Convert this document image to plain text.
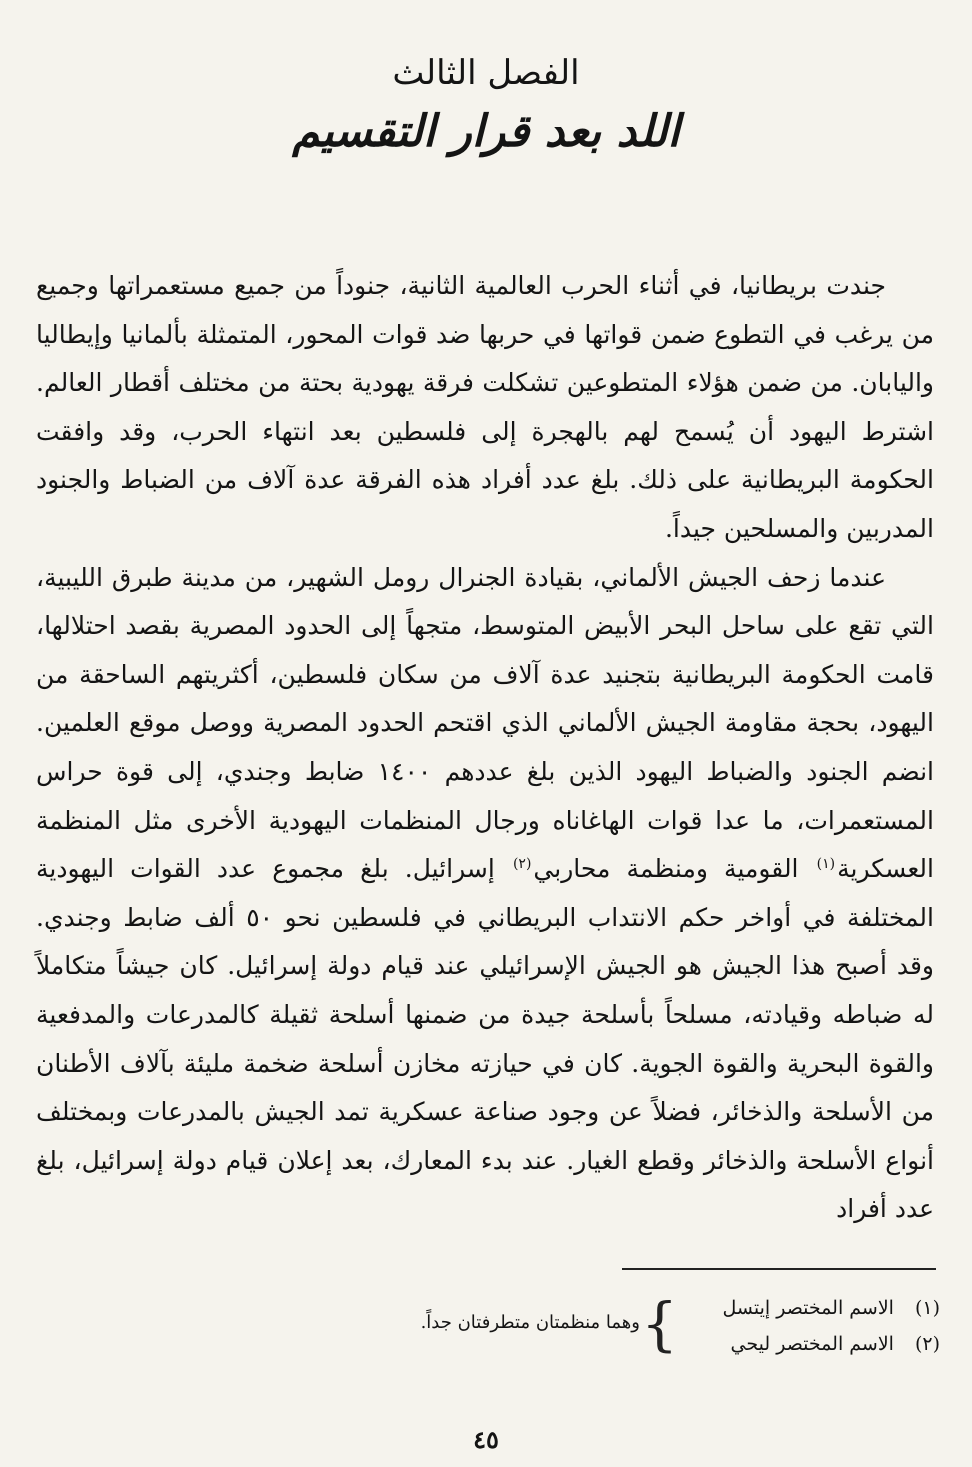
الفصل الثالث
اللد بعد قرار التقسيم

جندت بريطانيا، في أثناء الحرب العالمية الثانية، جنوداً من جميع مستعمراتها وجميع من يرغب في التطوع ضمن قواتها في حربها ضد قوات المحور، المتمثلة بألمانيا وإيطاليا واليابان. من ضمن هؤلاء المتطوعين تشكلت فرقة يهودية بحتة من مختلف أقطار العالم. اشترط اليهود أن يُسمح لهم بالهجرة إلى فلسطين بعد انتهاء الحرب، وقد وافقت الحكومة البريطانية على ذلك. بلغ عدد أفراد هذه الفرقة عدة آلاف من الضباط والجنود المدربين والمسلحين جيداً.

عندما زحف الجيش الألماني، بقيادة الجنرال رومل الشهير، من مدينة طبرق الليبية، التي تقع على ساحل البحر الأبيض المتوسط، متجهاً إلى الحدود المصرية بقصد احتلالها، قامت الحكومة البريطانية بتجنيد عدة آلاف من سكان فلسطين، أكثريتهم الساحقة من اليهود، بحجة مقاومة الجيش الألماني الذي اقتحم الحدود المصرية ووصل موقع العلمين. انضم الجنود والضباط اليهود الذين بلغ عددهم ١٤٠٠ ضابط وجندي، إلى قوة حراس المستعمرات، ما عدا قوات الهاغاناه ورجال المنظمات اليهودية الأخرى مثل المنظمة العسكرية$^{(١)}$ القومية ومنظمة محاربي$^{(٢)}$ إسرائيل. بلغ مجموع عدد القوات اليهودية المختلفة في أواخر حكم الانتداب البريطاني في فلسطين نحو ٥٠ ألف ضابط وجندي. وقد أصبح هذا الجيش هو الجيش الإسرائيلي عند قيام دولة إسرائيل. كان جيشاً متكاملاً له ضباطه وقيادته، مسلحاً بأسلحة جيدة من ضمنها أسلحة ثقيلة كالمدرعات والمدفعية والقوة البحرية والقوة الجوية. كان في حيازته مخازن أسلحة ضخمة مليئة بآلاف الأطنان من الأسلحة والذخائر، فضلاً عن وجود صناعة عسكرية تمد الجيش بالمدرعات وبمختلف أنواع الأسلحة والذخائر وقطع الغيار. عند بدء المعارك، بعد إعلان قيام دولة إسرائيل، بلغ عدد أفراد

(١) الاسم المختصر إيتسل
(٢) الاسم المختصر ليحي
}
وهما منظمتان متطرفتان جداً.
٤٥
